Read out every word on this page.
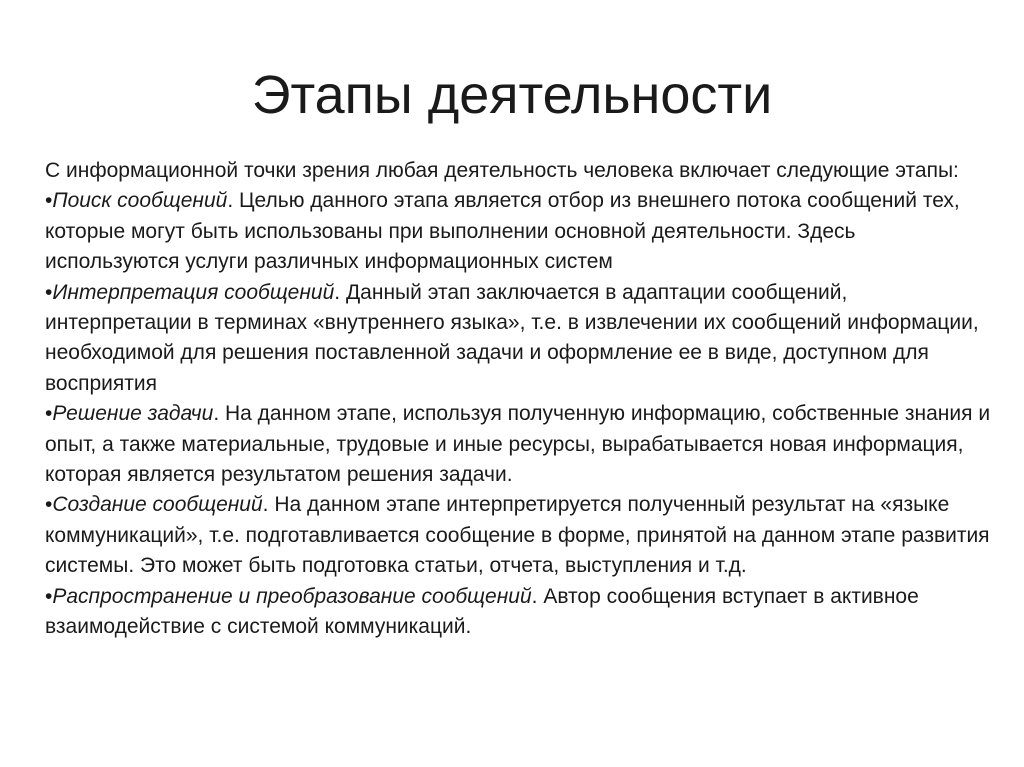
Этапы деятельности

С информационной точки зрения любая деятельность человека включает следующие этапы:

•Поиск сообщений. Целью данного этапа является отбор из внешнего потока сообщений тех, которые могут быть использованы при выполнении основной деятельности. Здесь используются услуги различных информационных систем

•Интерпретация сообщений. Данный этап заключается в адаптации сообщений, интерпретации в терминах «внутреннего языка», т.е. в извлечении их сообщений информации, необходимой для решения поставленной задачи и оформление ее в виде, доступном для восприятия

•Решение задачи. На данном этапе, используя полученную информацию, собственные знания и опыт, а также материальные, трудовые и иные ресурсы, вырабатывается новая информация, которая является результатом решения задачи.

•Создание сообщений. На данном этапе интерпретируется полученный результат на «языке коммуникаций», т.е. подготавливается сообщение в форме, принятой на данном этапе развития системы. Это может быть подготовка статьи, отчета, выступления и т.д.

•Распространение и преобразование сообщений. Автор сообщения вступает в активное взаимодействие с системой коммуникаций.
